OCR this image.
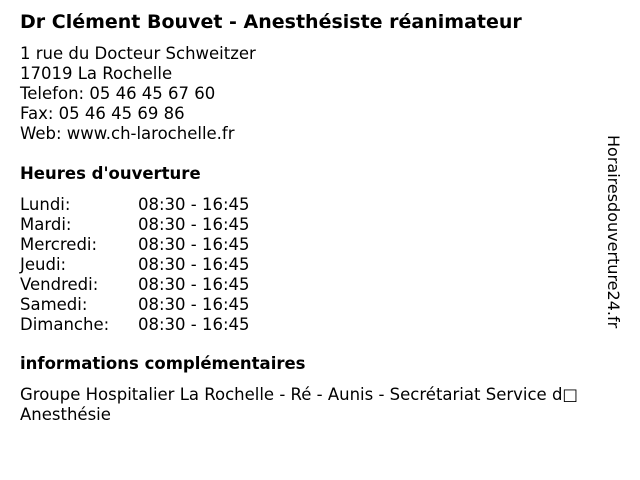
Dr Clément Bouvet - Anesthésiste réanimateur
1 rue du Docteur Schweitzer
17019 La Rochelle
Telefon: 05 46 45 67 60
Fax: 05 46 45 69 86
Web: www.ch-larochelle.fr
Heures d'ouverture
Lundi:	08:30 - 16:45
Mardi:	08:30 - 16:45
Mercredi:	08:30 - 16:45
Jeudi:	08:30 - 16:45
Vendredi:	08:30 - 16:45
Samedi:	08:30 - 16:45
Dimanche:	08:30 - 16:45
informations complémentaires
Groupe Hospitalier La Rochelle - Ré - Aunis - Secrétariat Service d□
Anesthésie
Horairesdouverture24.fr
